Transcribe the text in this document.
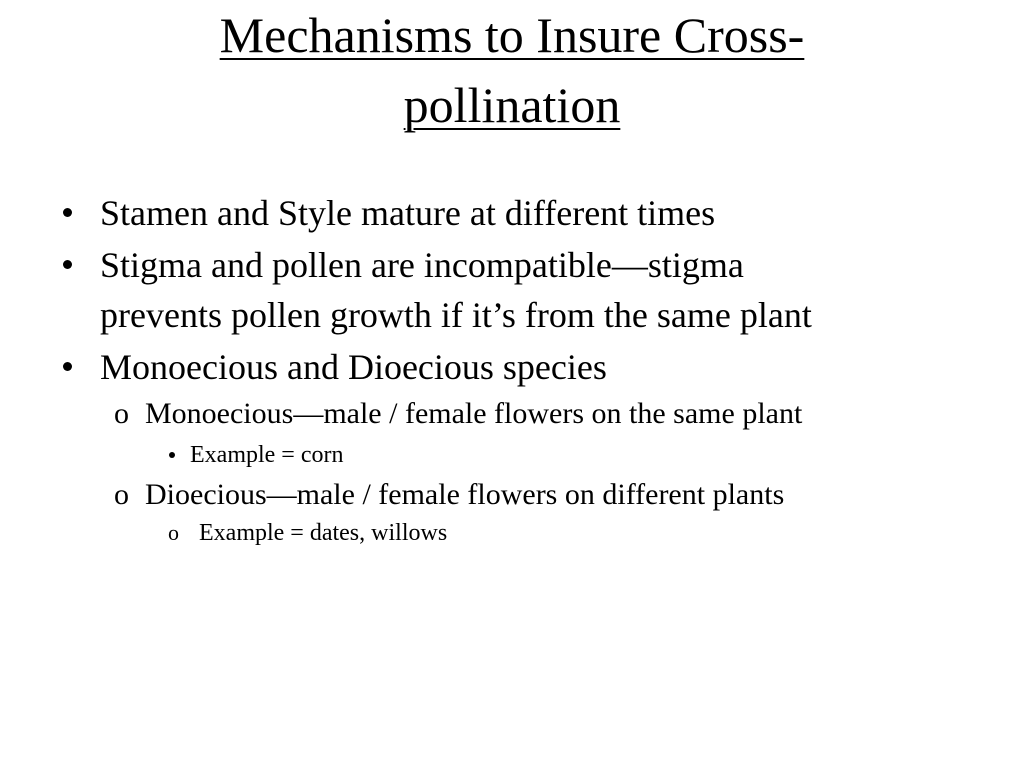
Mechanisms to Insure Cross-
pollination
Stamen and Style mature at different times
Stigma and pollen are incompatible—stigma
prevents pollen growth if it’s from the same plant
Monoecious and Dioecious species
o Monoecious—male / female flowers on the same plant
Example = corn
o Dioecious—male / female flowers on different plants
o Example = dates, willows
